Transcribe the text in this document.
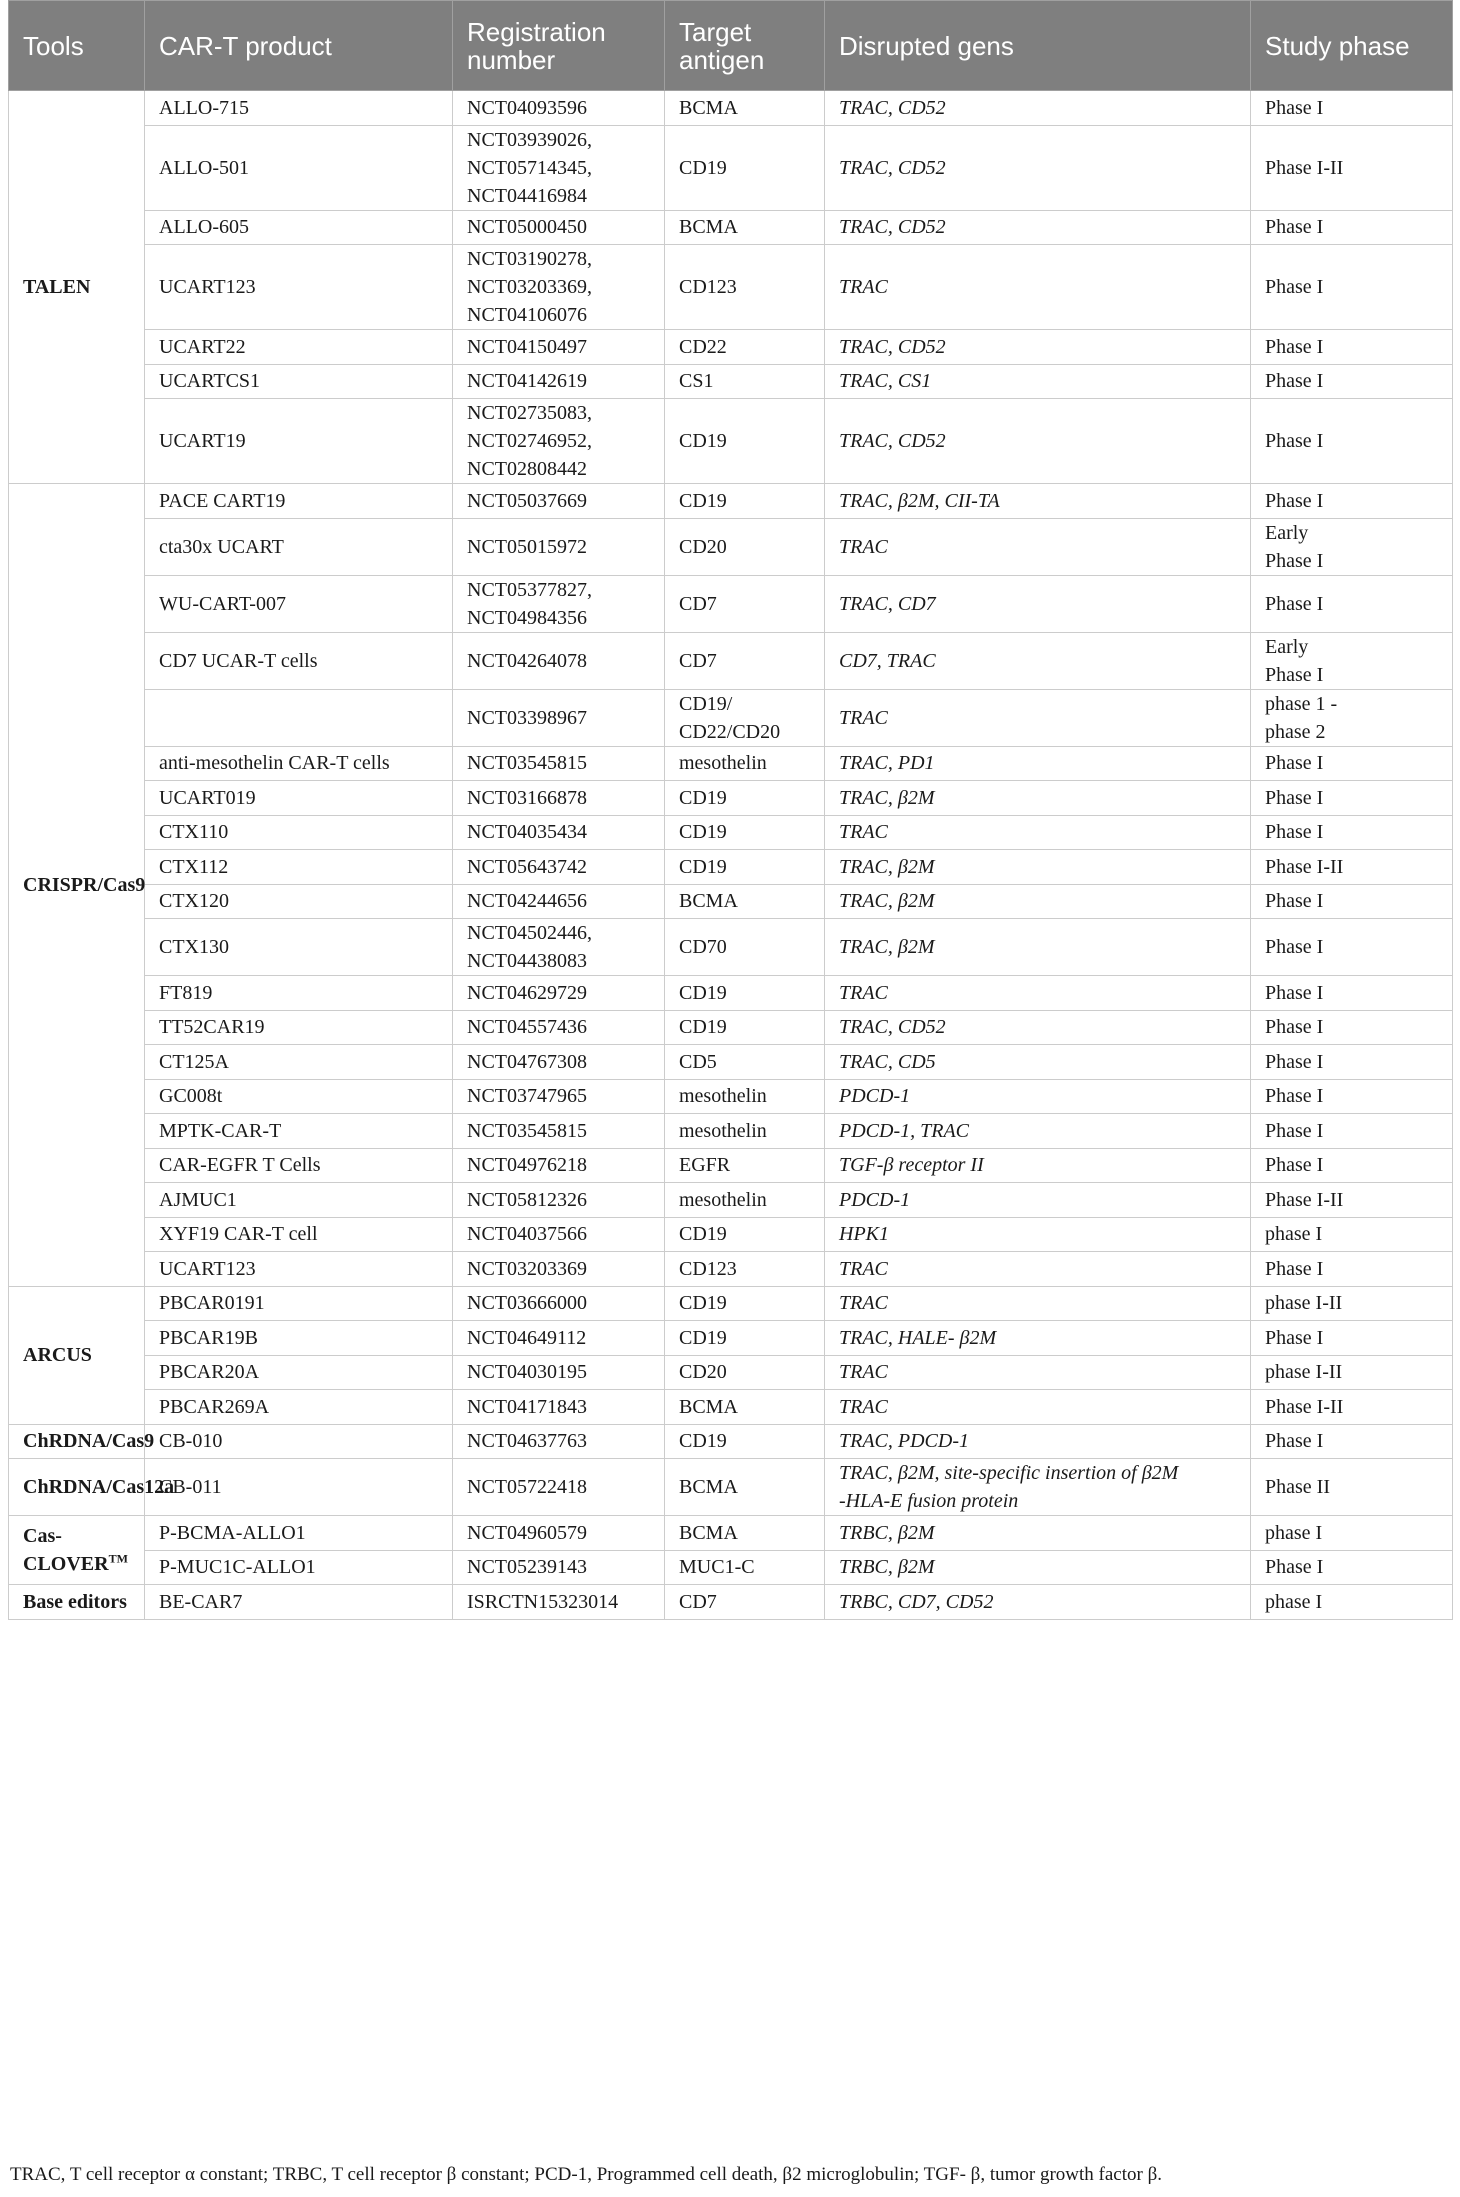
Tools	CAR-T product	Registration number	Target antigen	Disrupted gens	Study phase
TALEN	ALLO-715	NCT04093596	BCMA	TRAC, CD52	Phase I
	ALLO-501	NCT03939026,
NCT05714345,
NCT04416984	CD19	TRAC, CD52	Phase I-II
	ALLO-605	NCT05000450	BCMA	TRAC, CD52	Phase I
	UCART123	NCT03190278,
NCT03203369,
NCT04106076	CD123	TRAC	Phase I
	UCART22	NCT04150497	CD22	TRAC, CD52	Phase I
	UCARTCS1	NCT04142619	CS1	TRAC, CS1	Phase I
	UCART19	NCT02735083,
NCT02746952,
NCT02808442	CD19	TRAC, CD52	Phase I
CRISPR/Cas9	PACE CART19	NCT05037669	CD19	TRAC, β2M, CII-TA	Phase I
	cta30x UCART	NCT05015972	CD20	TRAC	Early
Phase I
	WU-CART-007	NCT05377827,
NCT04984356	CD7	TRAC, CD7	Phase I
	CD7 UCAR-T cells	NCT04264078	CD7	CD7, TRAC	Early
Phase I
		NCT03398967	CD19/
CD22/CD20	TRAC	phase 1 -
phase 2
	anti-mesothelin CAR-T cells	NCT03545815	mesothelin	TRAC, PD1	Phase I
	UCART019	NCT03166878	CD19	TRAC, β2M	Phase I
	CTX110	NCT04035434	CD19	TRAC	Phase I
	CTX112	NCT05643742	CD19	TRAC, β2M	Phase I-II
	CTX120	NCT04244656	BCMA	TRAC, β2M	Phase I
	CTX130	NCT04502446,
NCT04438083	CD70	TRAC, β2M	Phase I
	FT819	NCT04629729	CD19	TRAC	Phase I
	TT52CAR19	NCT04557436	CD19	TRAC, CD52	Phase I
	CT125A	NCT04767308	CD5	TRAC, CD5	Phase I
	GC008t	NCT03747965	mesothelin	PDCD-1	Phase I
	MPTK-CAR-T	NCT03545815	mesothelin	PDCD-1, TRAC	Phase I
	CAR-EGFR T Cells	NCT04976218	EGFR	TGF-β receptor II	Phase I
	AJMUC1	NCT05812326	mesothelin	PDCD-1	Phase I-II
	XYF19 CAR-T cell	NCT04037566	CD19	HPK1	phase I
	UCART123	NCT03203369	CD123	TRAC	Phase I
ARCUS	PBCAR0191	NCT03666000	CD19	TRAC	phase I-II
	PBCAR19B	NCT04649112	CD19	TRAC, HALE- β2M	Phase I
	PBCAR20A	NCT04030195	CD20	TRAC	phase I-II
	PBCAR269A	NCT04171843	BCMA	TRAC	Phase I-II
ChRDNA/Cas9	CB-010	NCT04637763	CD19	TRAC, PDCD-1	Phase I
ChRDNA/Cas12a	CB-011	NCT05722418	BCMA	TRAC, β2M, site-specific insertion of β2M
-HLA-E fusion protein	Phase II
Cas-CLOVER™	P-BCMA-ALLO1	NCT04960579	BCMA	TRBC, β2M	phase I
	P-MUC1C-ALLO1	NCT05239143	MUC1-C	TRBC, β2M	Phase I
Base editors	BE-CAR7	ISRCTN15323014	CD7	TRBC, CD7, CD52	phase I
TRAC, T cell receptor α constant; TRBC, T cell receptor β constant; PCD-1, Programmed cell death, β2 microglobulin; TGF- β, tumor growth factor β.
